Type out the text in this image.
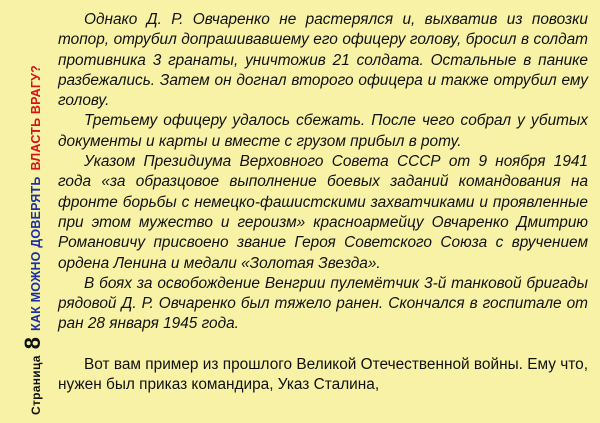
Страница
8
КАК МОЖНО ДОВЕРЯТЬ
ВЛАСТЬ ВРАГУ?

Однако Д. Р. Овчаренко не растерялся и, выхватив из повозки топор, отрубил допрашивавшему его офицеру голову, бросил в солдат противника 3 гранаты, уничтожив 21 солдата. Остальные в панике разбежались. Затем он догнал второго офицера и также отрубил ему голову.

Третьему офицеру удалось сбежать. После чего собрал у убитых документы и карты и вместе с грузом прибыл в роту.

Указом Президиума Верховного Совета СССР от 9 ноября 1941 года «за образцовое выполнение боевых заданий командования на фронте борьбы с немецко-фашистскими захватчиками и проявленные при этом мужество и героизм» красноармейцу Овчаренко Дмитрию Романовичу присвоено звание Героя Советского Союза с вручением ордена Ленина и медали «Золотая Звезда».

В боях за освобождение Венгрии пулемётчик 3-й танковой бригады рядовой Д. Р. Овчаренко был тяжело ранен. Скончался в госпитале от ран 28 января 1945 года.

Вот вам пример из прошлого Великой Отечественной войны. Ему что, нужен был приказ командира, Указ Сталина,
